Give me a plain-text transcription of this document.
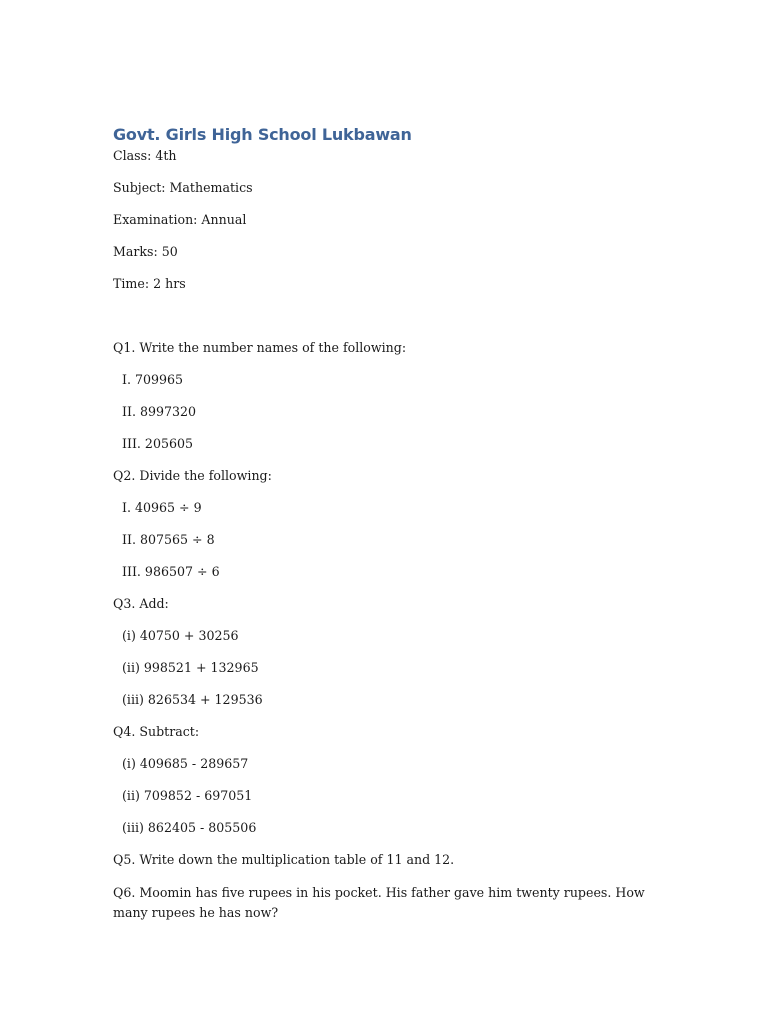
Govt. Girls High School Lukbawan

Class: 4th

Subject: Mathematics

Examination: Annual

Marks: 50

Time: 2 hrs

Q1. Write the number names of the following:

I. 709965

II. 8997320

III. 205605

Q2. Divide the following:

I. 40965 ÷ 9

II. 807565 ÷ 8

III. 986507 ÷ 6

Q3. Add:

(i) 40750 + 30256

(ii) 998521 + 132965

(iii) 826534 + 129536

Q4. Subtract:

(i) 409685 - 289657

(ii) 709852 - 697051

(iii) 862405 - 805506

Q5. Write down the multiplication table of 11 and 12.

Q6. Moomin has five rupees in his pocket. His father gave him twenty rupees. How many rupees he has now?
